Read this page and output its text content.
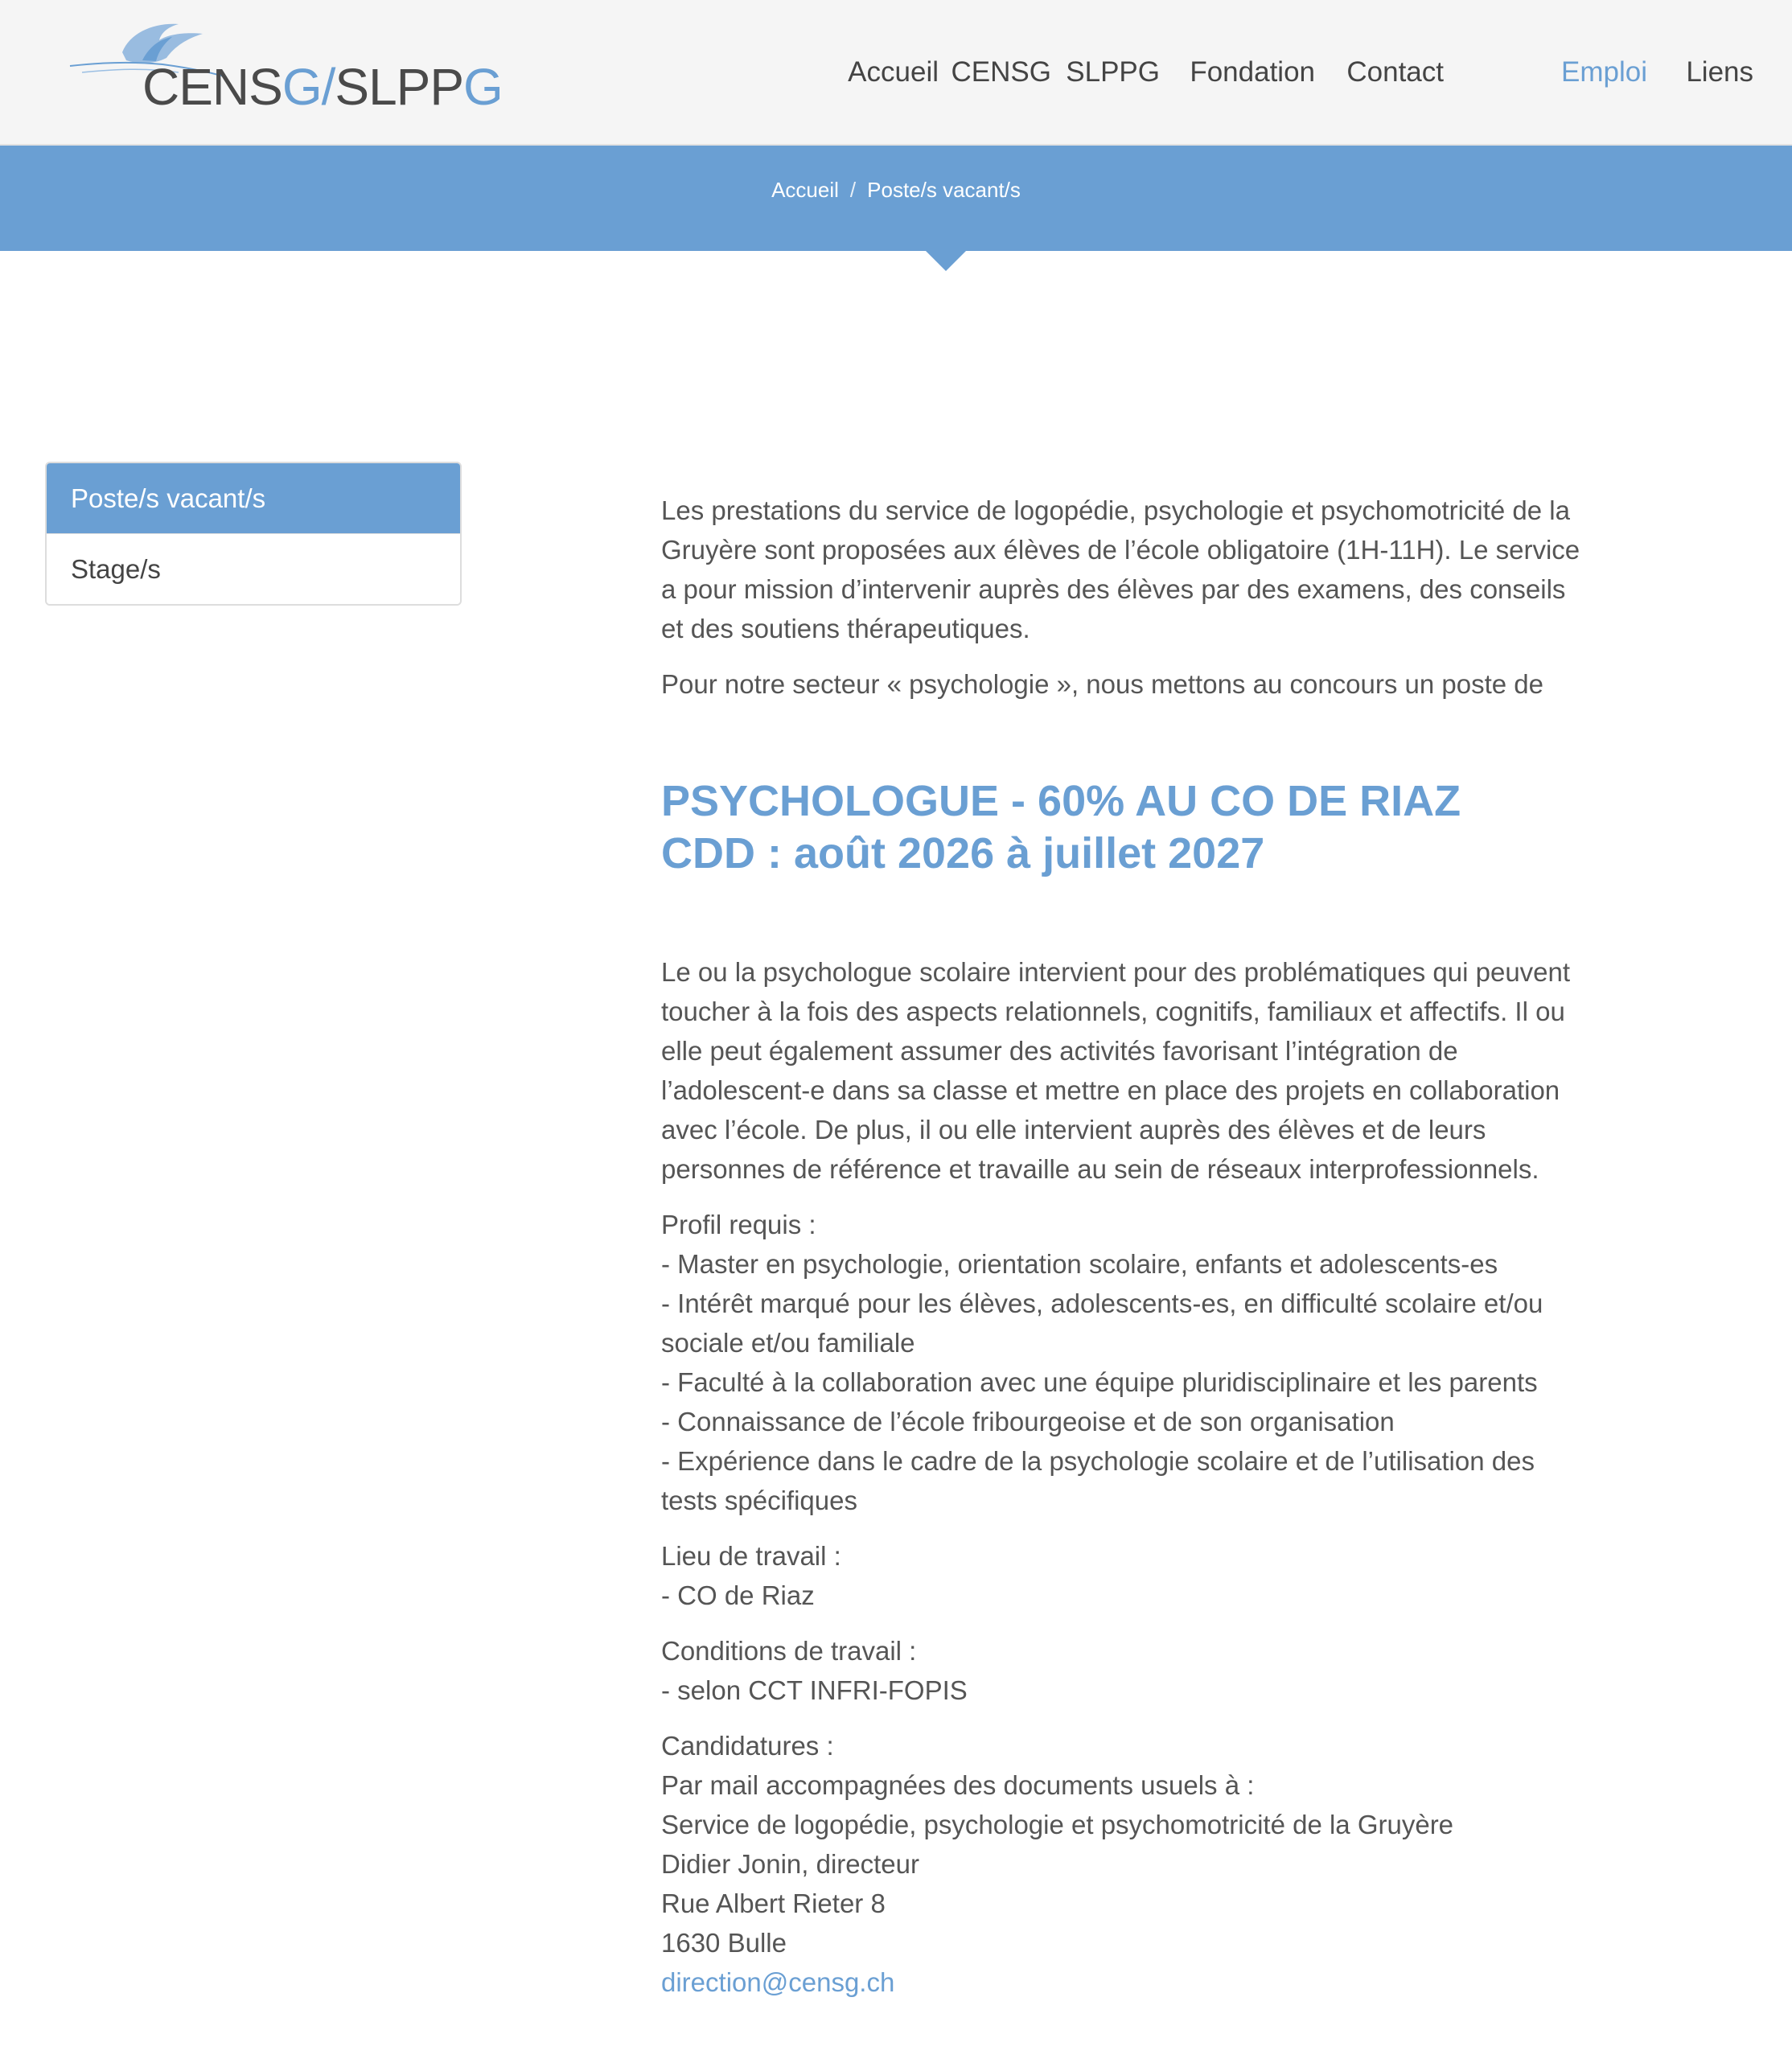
CENSG/SLPPG	Accueil CENSG SLPPG Fondation Contact	Emploi Liens
Accueil / Poste/s vacant/s
Poste/s vacant/s
Stage/s

Les prestations du service de logopédie, psychologie et psychomotricité de la Gruyère sont proposées aux élèves de l’école obligatoire (1H-11H). Le service a pour mission d’intervenir auprès des élèves par des examens, des conseils et des soutiens thérapeutiques.

Pour notre secteur « psychologie », nous mettons au concours un poste de

PSYCHOLOGUE - 60% AU CO DE RIAZ
CDD : août 2026 à juillet 2027

Le ou la psychologue scolaire intervient pour des problématiques qui peuvent toucher à la fois des aspects relationnels, cognitifs, familiaux et affectifs. Il ou elle peut également assumer des activités favorisant l’intégration de l’adolescent-e dans sa classe et mettre en place des projets en collaboration avec l’école. De plus, il ou elle intervient auprès des élèves et de leurs personnes de référence et travaille au sein de réseaux interprofessionnels.

Profil requis :
- Master en psychologie, orientation scolaire, enfants et adolescents-es
- Intérêt marqué pour les élèves, adolescents-es, en difficulté scolaire et/ou sociale et/ou familiale
- Faculté à la collaboration avec une équipe pluridisciplinaire et les parents
- Connaissance de l’école fribourgeoise et de son organisation
- Expérience dans le cadre de la psychologie scolaire et de l’utilisation des tests spécifiques

Lieu de travail :
- CO de Riaz

Conditions de travail :
- selon CCT INFRI-FOPIS

Candidatures :
Par mail accompagnées des documents usuels à :
Service de logopédie, psychologie et psychomotricité de la Gruyère
Didier Jonin, directeur
Rue Albert Rieter 8
1630 Bulle
direction@censg.ch
